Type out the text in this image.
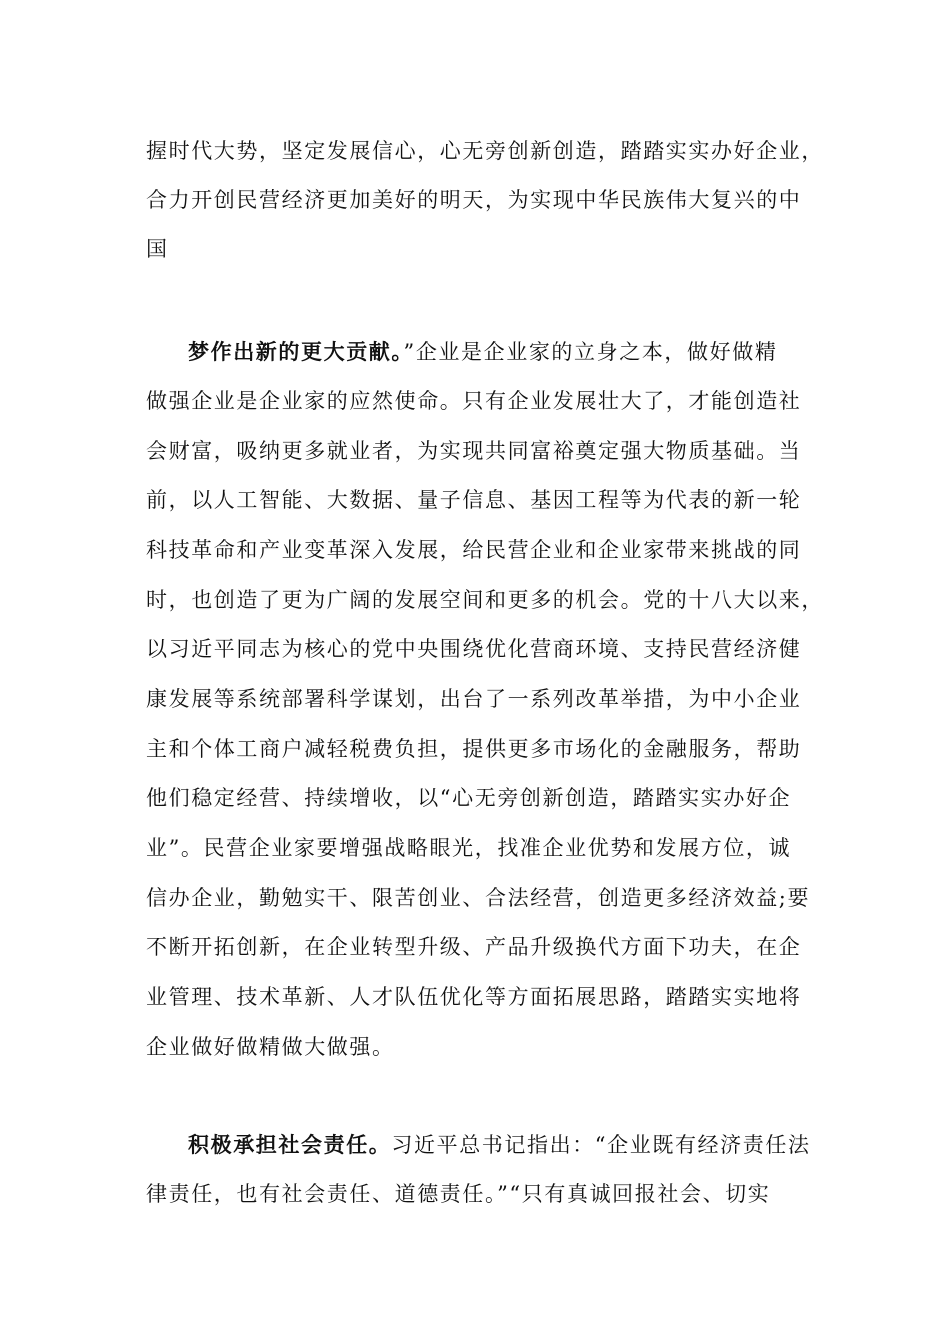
握时代大势，坚定发展信心，心无旁创新创造，踏踏实实办好企业，
合力开创民营经济更加美好的明天，为实现中华民族伟大复兴的中
国
梦作出新的更大贡献。”企业是企业家的立身之本，做好做精
做强企业是企业家的应然使命。只有企业发展壮大了，才能创造社
会财富，吸纳更多就业者，为实现共同富裕奠定强大物质基础。当
前，以人工智能、大数据、量子信息、基因工程等为代表的新一轮
科技革命和产业变革深入发展，给民营企业和企业家带来挑战的同
时，也创造了更为广阔的发展空间和更多的机会。党的十八大以来，
以习近平同志为核心的党中央围绕优化营商环境、支持民营经济健
康发展等系统部署科学谋划，出台了一系列改革举措，为中小企业
主和个体工商户减轻税费负担，提供更多市场化的金融服务，帮助
他们稳定经营、持续增收，以“心无旁创新创造，踏踏实实办好企
业”。民营企业家要增强战略眼光，找准企业优势和发展方位，诚
信办企业，勤勉实干、限苦创业、合法经营，创造更多经济效益;要
不断开拓创新，在企业转型升级、产品升级换代方面下功夫，在企
业管理、技术革新、人才队伍优化等方面拓展思路，踏踏实实地将
企业做好做精做大做强。
积极承担社会责任。习近平总书记指出：“企业既有经济责任法
律责任，也有社会责任、道德责任。”“只有真诚回报社会、切实
